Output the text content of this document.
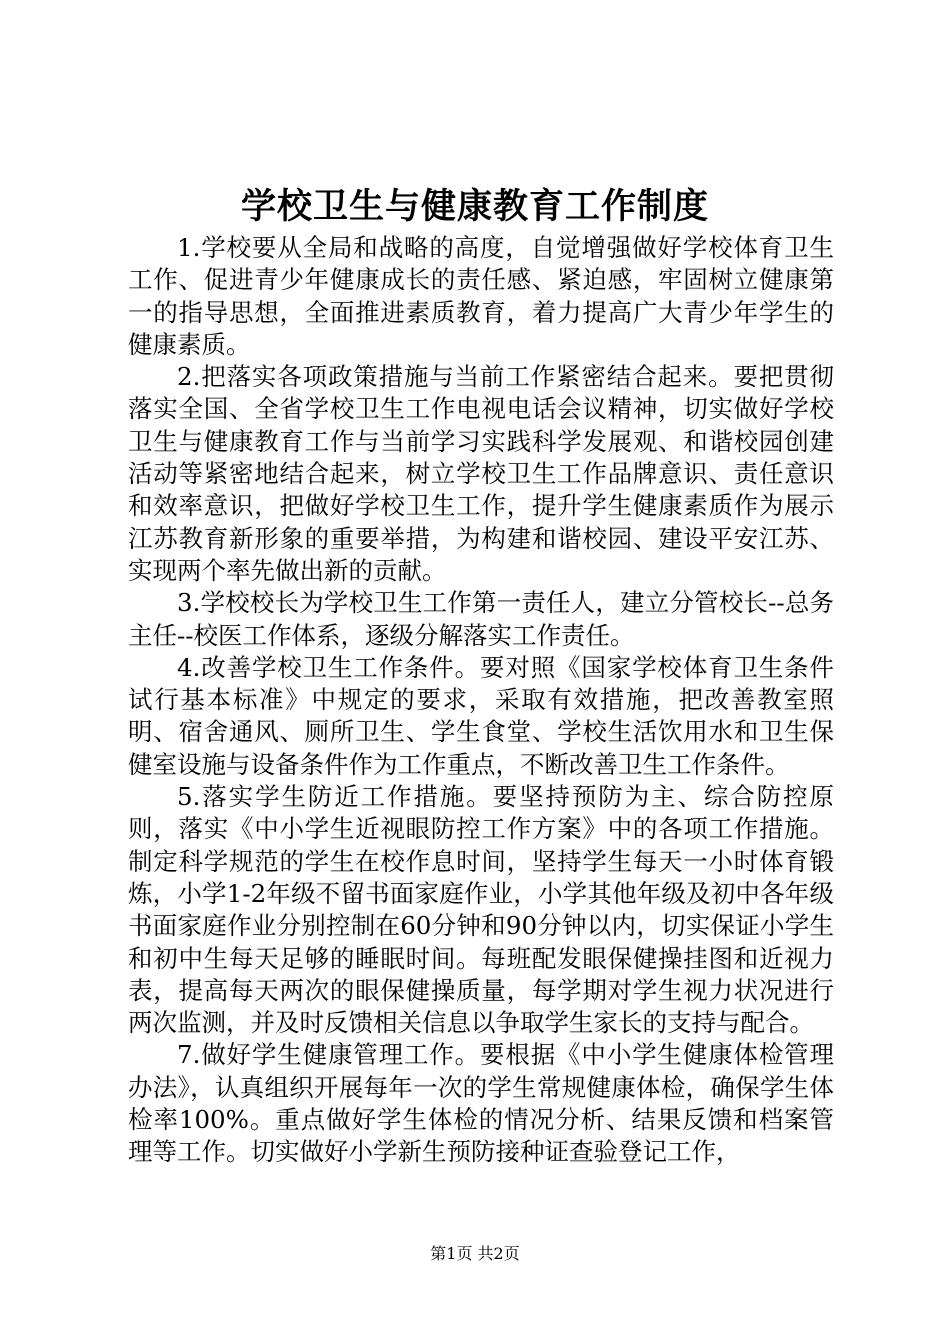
学校卫生与健康教育工作制度

1.学校要从全局和战略的高度，自觉增强做好学校体育卫生工作、促进青少年健康成长的责任感、紧迫感，牢固树立健康第一的指导思想，全面推进素质教育，着力提高广大青少年学生的健康素质。

2.把落实各项政策措施与当前工作紧密结合起来。要把贯彻落实全国、全省学校卫生工作电视电话会议精神，切实做好学校卫生与健康教育工作与当前学习实践科学发展观、和谐校园创建活动等紧密地结合起来，树立学校卫生工作品牌意识、责任意识和效率意识，把做好学校卫生工作，提升学生健康素质作为展示江苏教育新形象的重要举措，为构建和谐校园、建设平安江苏、实现两个率先做出新的贡献。

3.学校校长为学校卫生工作第一责任人，建立分管校长--总务主任--校医工作体系，逐级分解落实工作责任。

4.改善学校卫生工作条件。要对照《国家学校体育卫生条件试行基本标准》中规定的要求，采取有效措施，把改善教室照明、宿舍通风、厕所卫生、学生食堂、学校生活饮用水和卫生保健室设施与设备条件作为工作重点，不断改善卫生工作条件。

5.落实学生防近工作措施。要坚持预防为主、综合防控原则，落实《中小学生近视眼防控工作方案》中的各项工作措施。制定科学规范的学生在校作息时间，坚持学生每天一小时体育锻炼，小学1-2年级不留书面家庭作业，小学其他年级及初中各年级书面家庭作业分别控制在60分钟和90分钟以内，切实保证小学生和初中生每天足够的睡眠时间。每班配发眼保健操挂图和近视力表，提高每天两次的眼保健操质量，每学期对学生视力状况进行两次监测，并及时反馈相关信息以争取学生家长的支持与配合。

7.做好学生健康管理工作。要根据《中小学生健康体检管理办法》，认真组织开展每年一次的学生常规健康体检，确保学生体检率100%。重点做好学生体检的情况分析、结果反馈和档案管理等工作。切实做好小学新生预防接种证查验登记工作，

第1页 共2页
